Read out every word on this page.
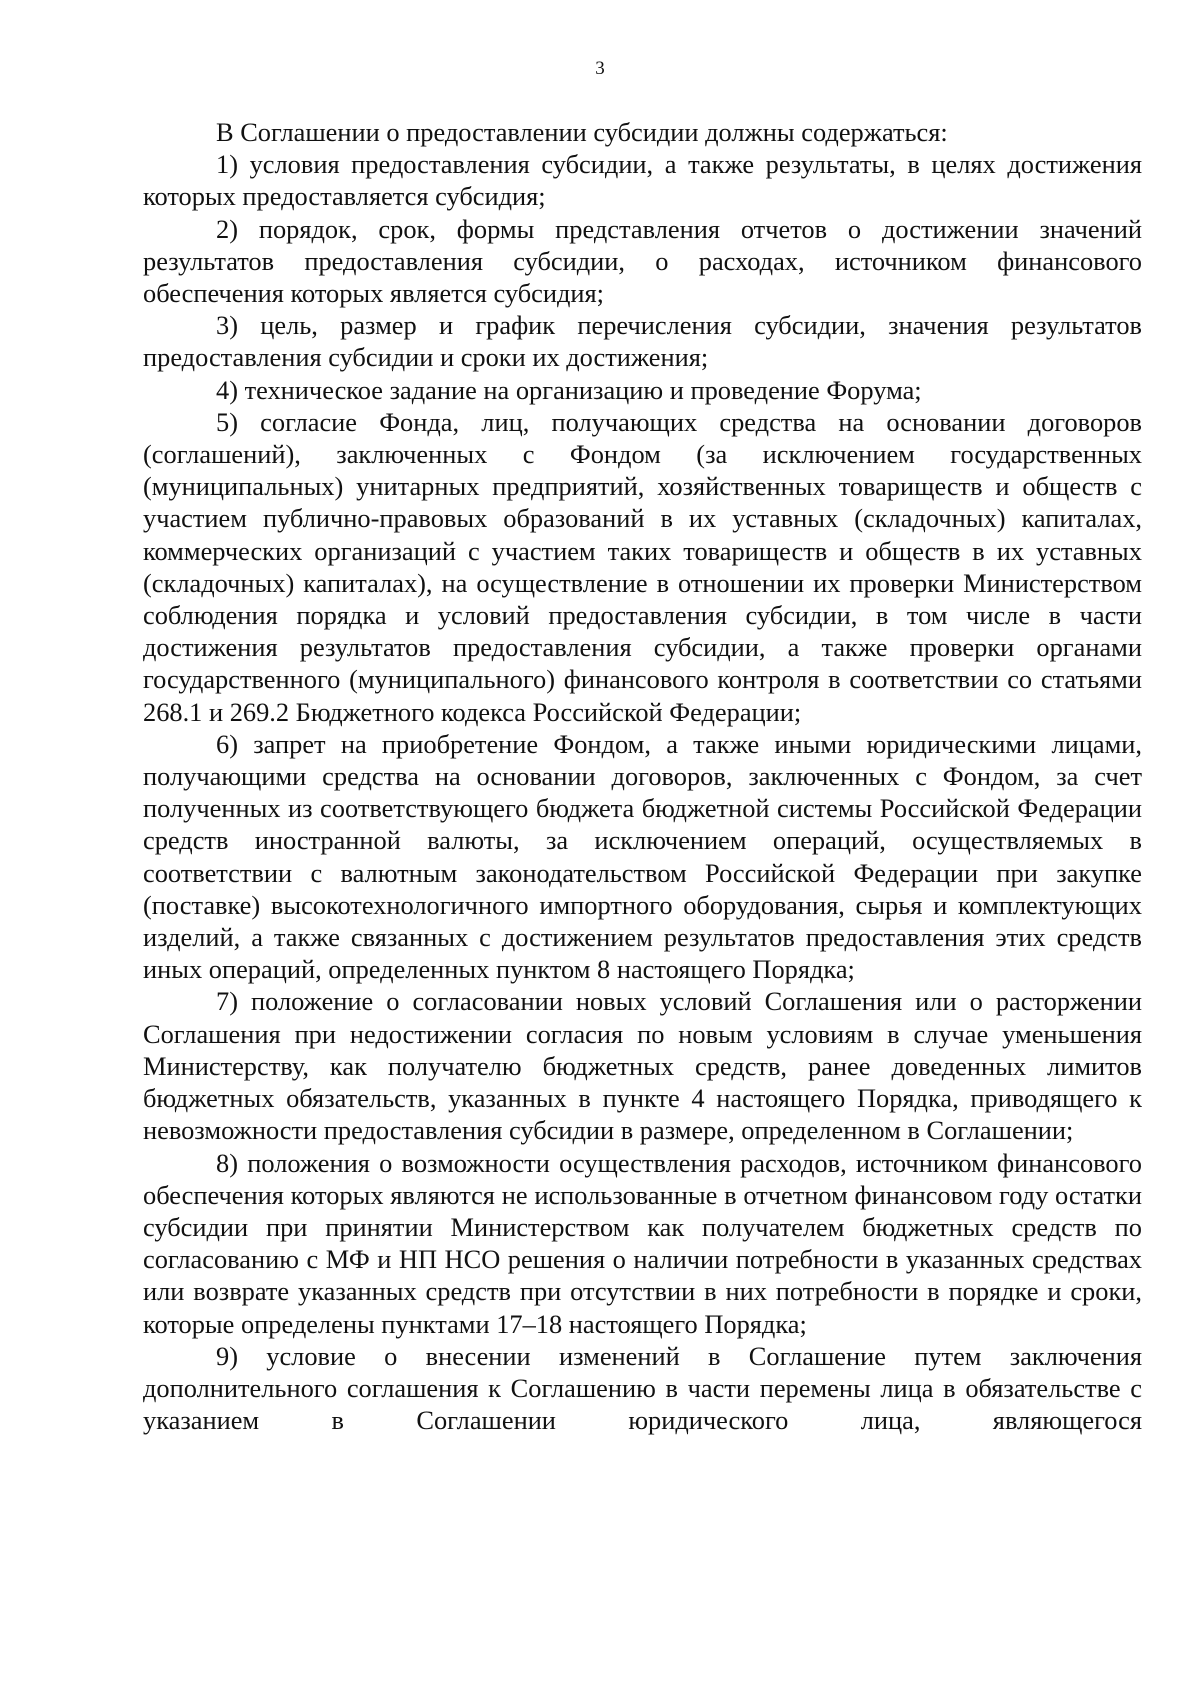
3

В Соглашении о предоставлении субсидии должны содержаться:

1) условия предоставления субсидии, а также результаты, в целях достижения которых предоставляется субсидия;

2) порядок, срок, формы представления отчетов о достижении значений результатов предоставления субсидии, о расходах, источником финансового обеспечения которых является субсидия;

3) цель, размер и график перечисления субсидии, значения результатов предоставления субсидии и сроки их достижения;

4) техническое задание на организацию и проведение Форума;

5) согласие Фонда, лиц, получающих средства на основании договоров (соглашений), заключенных с Фондом (за исключением государственных (муниципальных) унитарных предприятий, хозяйственных товариществ и обществ с участием публично-правовых образований в их уставных (складочных) капиталах, коммерческих организаций с участием таких товариществ и обществ в их уставных (складочных) капиталах), на осуществление в отношении их проверки Министерством соблюдения порядка и условий предоставления субсидии, в том числе в части достижения результатов предоставления субсидии, а также проверки органами государственного (муниципального) финансового контроля в соответствии со статьями 268.1 и 269.2 Бюджетного кодекса Российской Федерации;

6) запрет на приобретение Фондом, а также иными юридическими лицами, получающими средства на основании договоров, заключенных с Фондом, за счет полученных из соответствующего бюджета бюджетной системы Российской Федерации средств иностранной валюты, за исключением операций, осуществляемых в соответствии с валютным законодательством Российской Федерации при закупке (поставке) высокотехнологичного импортного оборудования, сырья и комплектующих изделий, а также связанных с достижением результатов предоставления этих средств иных операций, определенных пунктом 8 настоящего Порядка;

7) положение о согласовании новых условий Соглашения или о расторжении Соглашения при недостижении согласия по новым условиям в случае уменьшения Министерству, как получателю бюджетных средств, ранее доведенных лимитов бюджетных обязательств, указанных в пункте 4 настоящего Порядка, приводящего к невозможности предоставления субсидии в размере, определенном в Соглашении;

8) положения о возможности осуществления расходов, источником финансового обеспечения которых являются не использованные в отчетном финансовом году остатки субсидии при принятии Министерством как получателем бюджетных средств по согласованию с МФ и НП НСО решения о наличии потребности в указанных средствах или возврате указанных средств при отсутствии в них потребности в порядке и сроки, которые определены пунктами 17–18 настоящего Порядка;

9) условие о внесении изменений в Соглашение путем заключения дополнительного соглашения к Соглашению в части перемены лица в обязательстве с указанием в Соглашении юридического лица, являющегося
